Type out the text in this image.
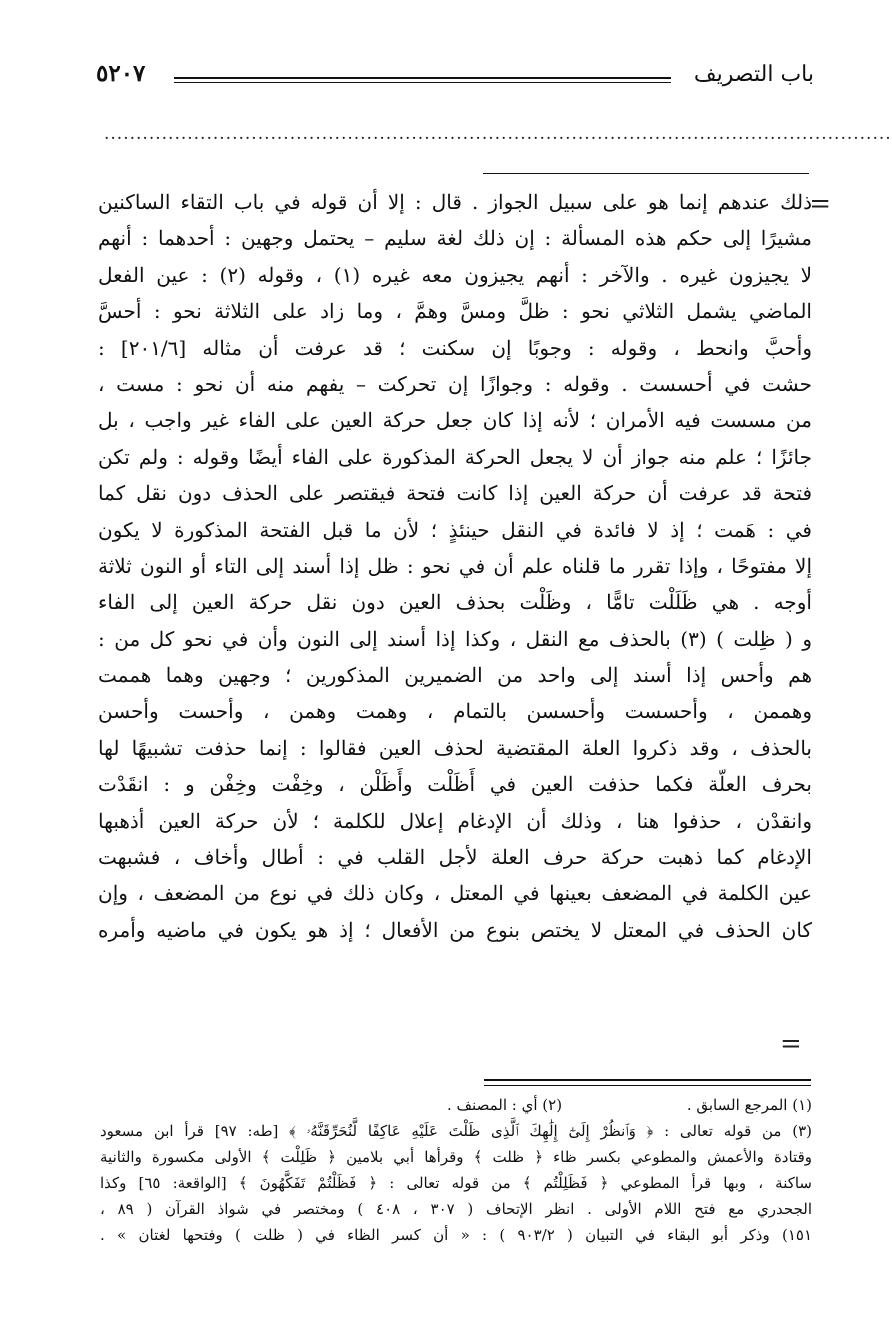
باب التصريف
٥٢٠٧
...........................................................................................................................
=
ذلك عندهم إنما هو على سبيل الجواز . قال : إلا أن قوله في باب التقاء الساكنين
مشيرًا إلى حكم هذه المسألة : إن ذلك لغة سليم – يحتمل وجهين : أحدهما : أنهم
لا يجيزون غيره . والآخر : أنهم يجيزون معه غيره (١) ، وقوله (٢) : عين الفعل
الماضي يشمل الثلاثي نحو : ظلَّ ومسَّ وهمَّ ، وما زاد على الثلاثة نحو : أحسَّ
وأحبَّ وانحط ، وقوله : وجوبًا إن سكنت ؛ قد عرفت أن مثاله [٢٠١/٦] :
حشت في أحسست . وقوله : وجوازًا إن تحركت – يفهم منه أن نحو : مست ،
من مسست فيه الأمران ؛ لأنه إذا كان جعل حركة العين على الفاء غير واجب ، بل
جائزًا ؛ علم منه جواز أن لا يجعل الحركة المذكورة على الفاء أيضًا وقوله : ولم تكن
فتحة قد عرفت أن حركة العين إذا كانت فتحة فيقتصر على الحذف دون نقل كما
في : هَمت ؛ إذ لا فائدة في النقل حينئذٍ ؛ لأن ما قبل الفتحة المذكورة لا يكون
إلا مفتوحًا ، وإذا تقرر ما قلناه علم أن في نحو : ظل إذا أسند إلى التاء أو النون ثلاثة
أوجه . هي ظَلَلْت تامًّا ، وظَلْت بحذف العين دون نقل حركة العين إلى الفاء
و ( ظِلت ) (٣) بالحذف مع النقل ، وكذا إذا أسند إلى النون وأن في نحو كل من :
هم وأحس إذا أسند إلى واحد من الضميرين المذكورين ؛ وجهين وهما هممت
وهممن ، وأحسست وأحسسن بالتمام ، وهمت وهمن ، وأحست وأحسن
بالحذف ، وقد ذكروا العلة المقتضية لحذف العين فقالوا : إنما حذفت تشبيهًا لها
بحرف العلّة فكما حذفت العين في أَظَلْت وأَظَلْن ، وخِفْت وخِفْن و : انقَدْت
وانقدْن ، حذفوا هنا ، وذلك أن الإدغام إعلال للكلمة ؛ لأن حركة العين أذهبها
الإدغام كما ذهبت حركة حرف العلة لأجل القلب في : أطال وأخاف ، فشبهت
عين الكلمة في المضعف بعينها في المعتل ، وكان ذلك في نوع من المضعف ، وإن
كان الحذف في المعتل لا يختص بنوع من الأفعال ؛ إذ هو يكون في ماضيه وأمره
=
(١) المرجع السابق . (٢) أي : المصنف .
(٣) من قوله تعالى : ﴿ وَٱنظُرْ إِلَىٰٓ إِلَٰهِكَ ٱلَّذِى ظَلْتَ عَلَيْهِ عَاكِفًا لَّنُحَرِّقَنَّهُۥ ﴾ [طه: ٩٧] قرأ ابن مسعود
وقتادة والأعمش والمطوعي بكسر ظاء ﴿ ظلت ﴾ وقرأها أبي بلامين ﴿ ظَلِلْت ﴾ الأولى مكسورة والثانية
ساكنة ، وبها قرأ المطوعي ﴿ فَظَلِلْتُم ﴾ من قوله تعالى : ﴿ فَظَلْتُمْ تَفَكَّهُونَ ﴾ [الواقعة: ٦٥] وكذا
الجحدري مع فتح اللام الأولى . انظر الإتحاف ( ٣٠٧ ، ٤٠٨ ) ومختصر في شواذ القرآن ( ٨٩ ،
١٥١) وذكر أبو البقاء في التبيان ( ٩٠٣/٢ ) : « أن كسر الظاء في ( ظلت ) وفتحها لغتان » .
